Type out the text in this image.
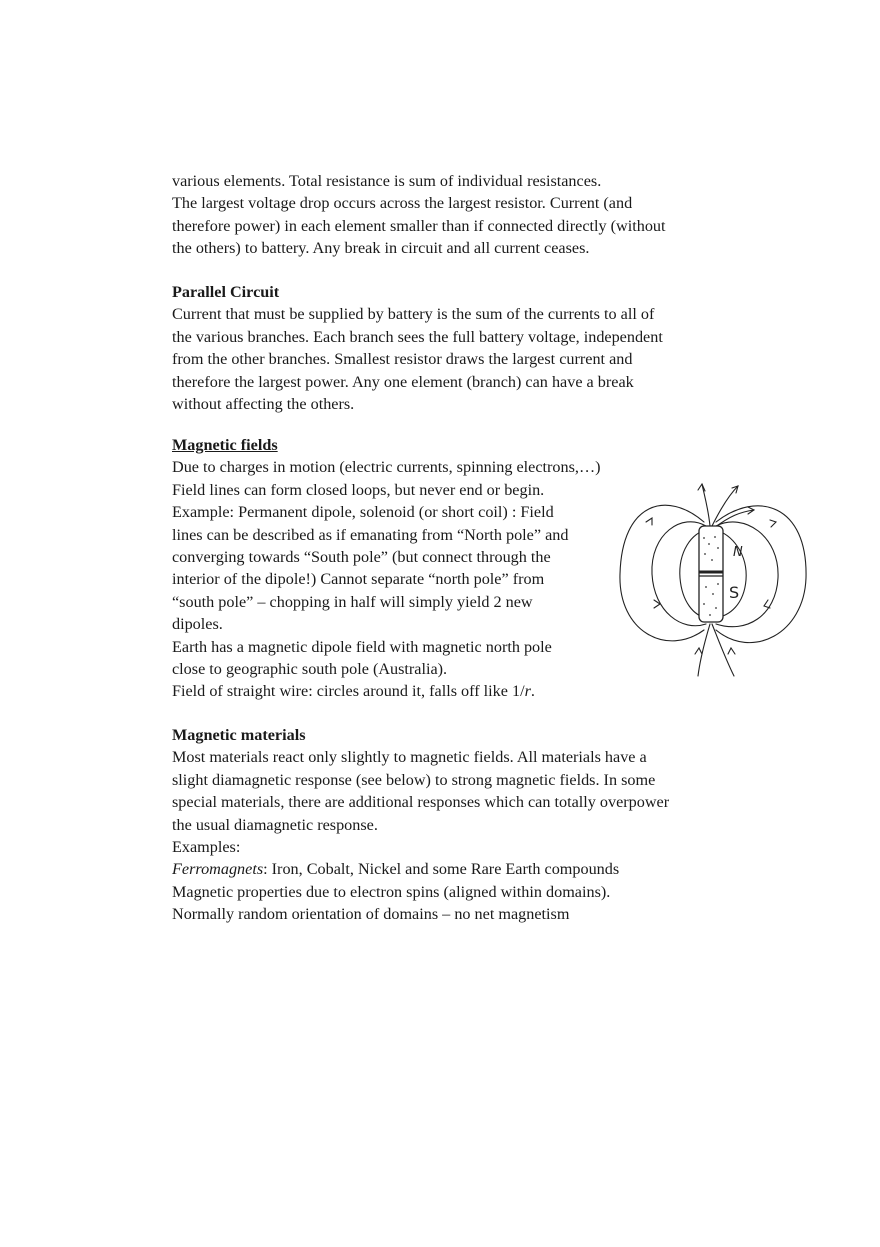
various elements. Total resistance is sum of individual resistances.
The largest voltage drop occurs across the largest resistor. Current (and
therefore power) in each element smaller than if connected directly (without
the others) to battery. Any break in circuit and all current ceases.
Parallel Circuit
Current that must be supplied by battery is the sum of the currents to all of
the various branches. Each branch sees the full battery voltage, independent
from the other branches. Smallest resistor draws the largest current and
therefore the largest power. Any one element (branch) can have a break
without affecting the others.
Magnetic fields
Due to charges in motion (electric currents, spinning electrons,…)
Field lines can form closed loops, but never end or begin.
Example: Permanent dipole, solenoid (or short coil) : Field
lines can be described as if emanating from “North pole” and
converging towards “South pole” (but connect through the
interior of the dipole!) Cannot separate “north pole” from
“south pole” – chopping in half will simply yield 2 new
dipoles.
Earth has a magnetic dipole field with magnetic north pole
close to geographic south pole (Australia).
Field of straight wire: circles around it, falls off like 1/r.
N
S
Magnetic materials
Most materials react only slightly to magnetic fields. All materials have a
slight diamagnetic response (see below) to strong magnetic fields. In some
special materials, there are additional responses which can totally overpower
the usual diamagnetic response.
Examples:
Ferromagnets: Iron, Cobalt, Nickel and some Rare Earth compounds
Magnetic properties due to electron spins (aligned within domains).
Normally random orientation of domains – no net magnetism
